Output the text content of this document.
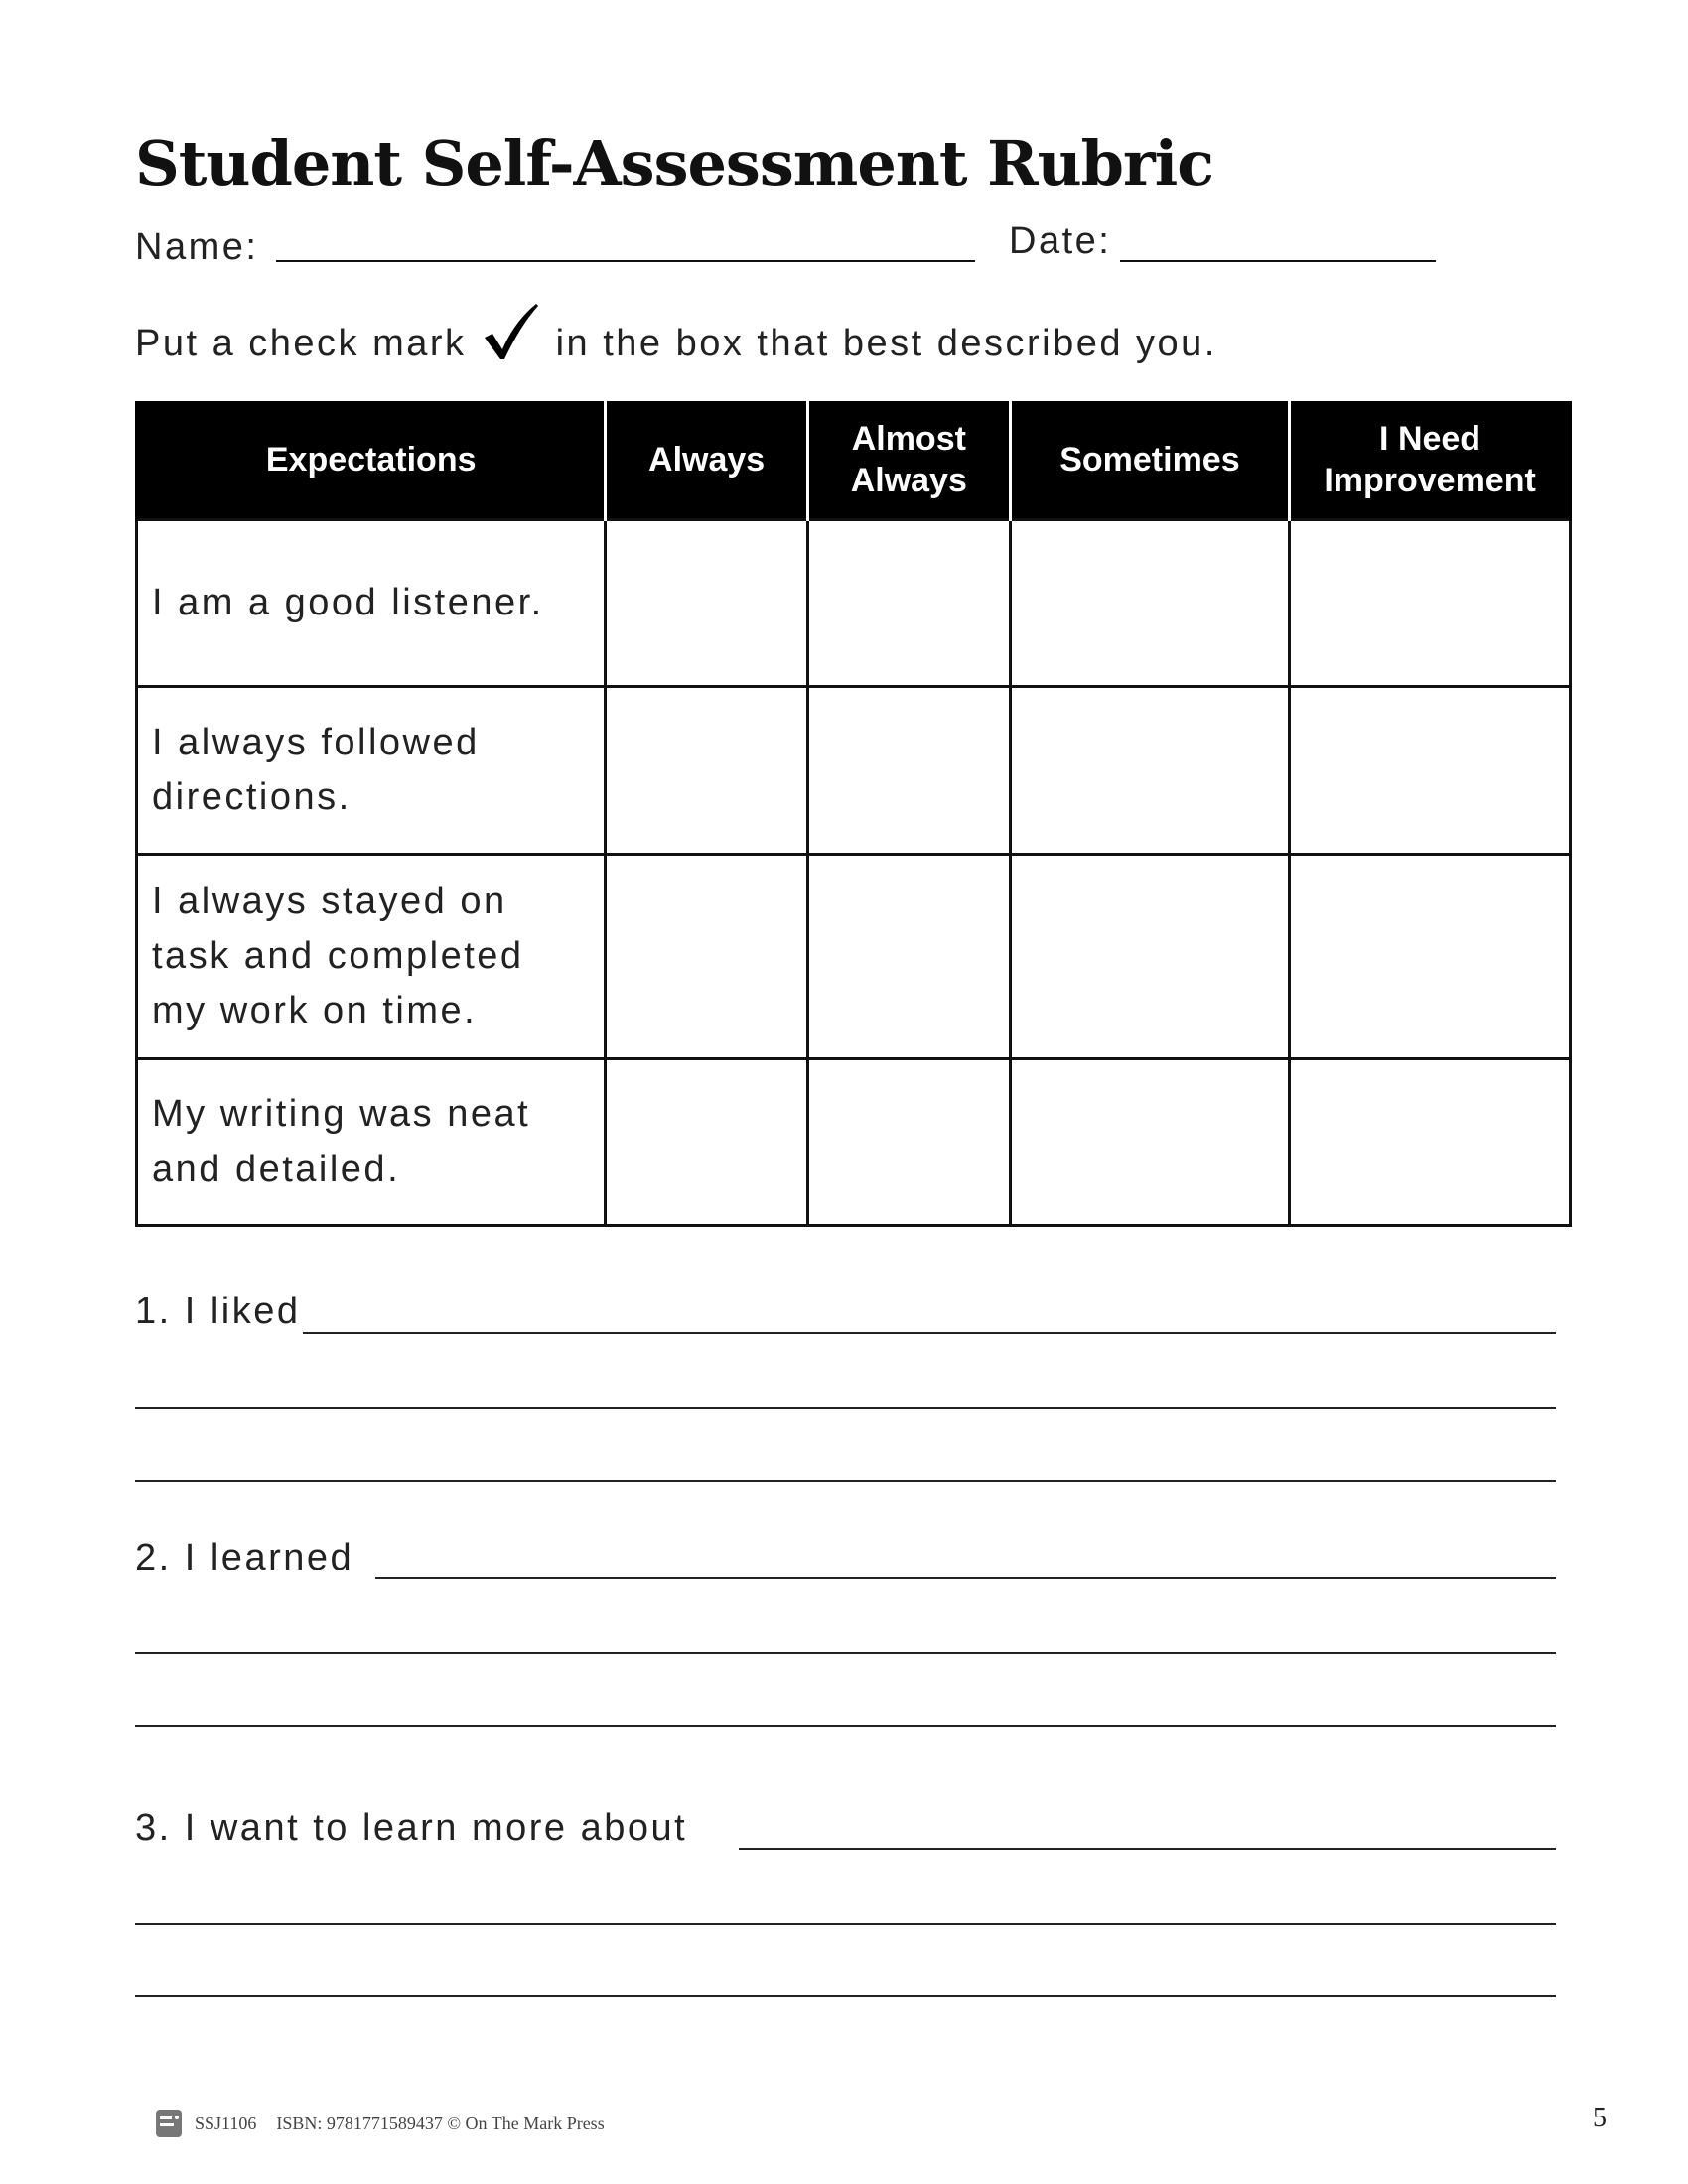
Student Self-Assessment Rubric
Name:	Date:
Put a check mark in the box that best described you.
Expectations	Always	Almost Always	Sometimes	I Need Improvement
I am a good listener.				
I always followed directions.				
I always stayed on task and completed my work on time.				
My writing was neat and detailed.				
1. I liked
2. I learned
3. I want to learn more about
SSJ1106 ISBN: 9781771589437 © On The Mark Press	5
